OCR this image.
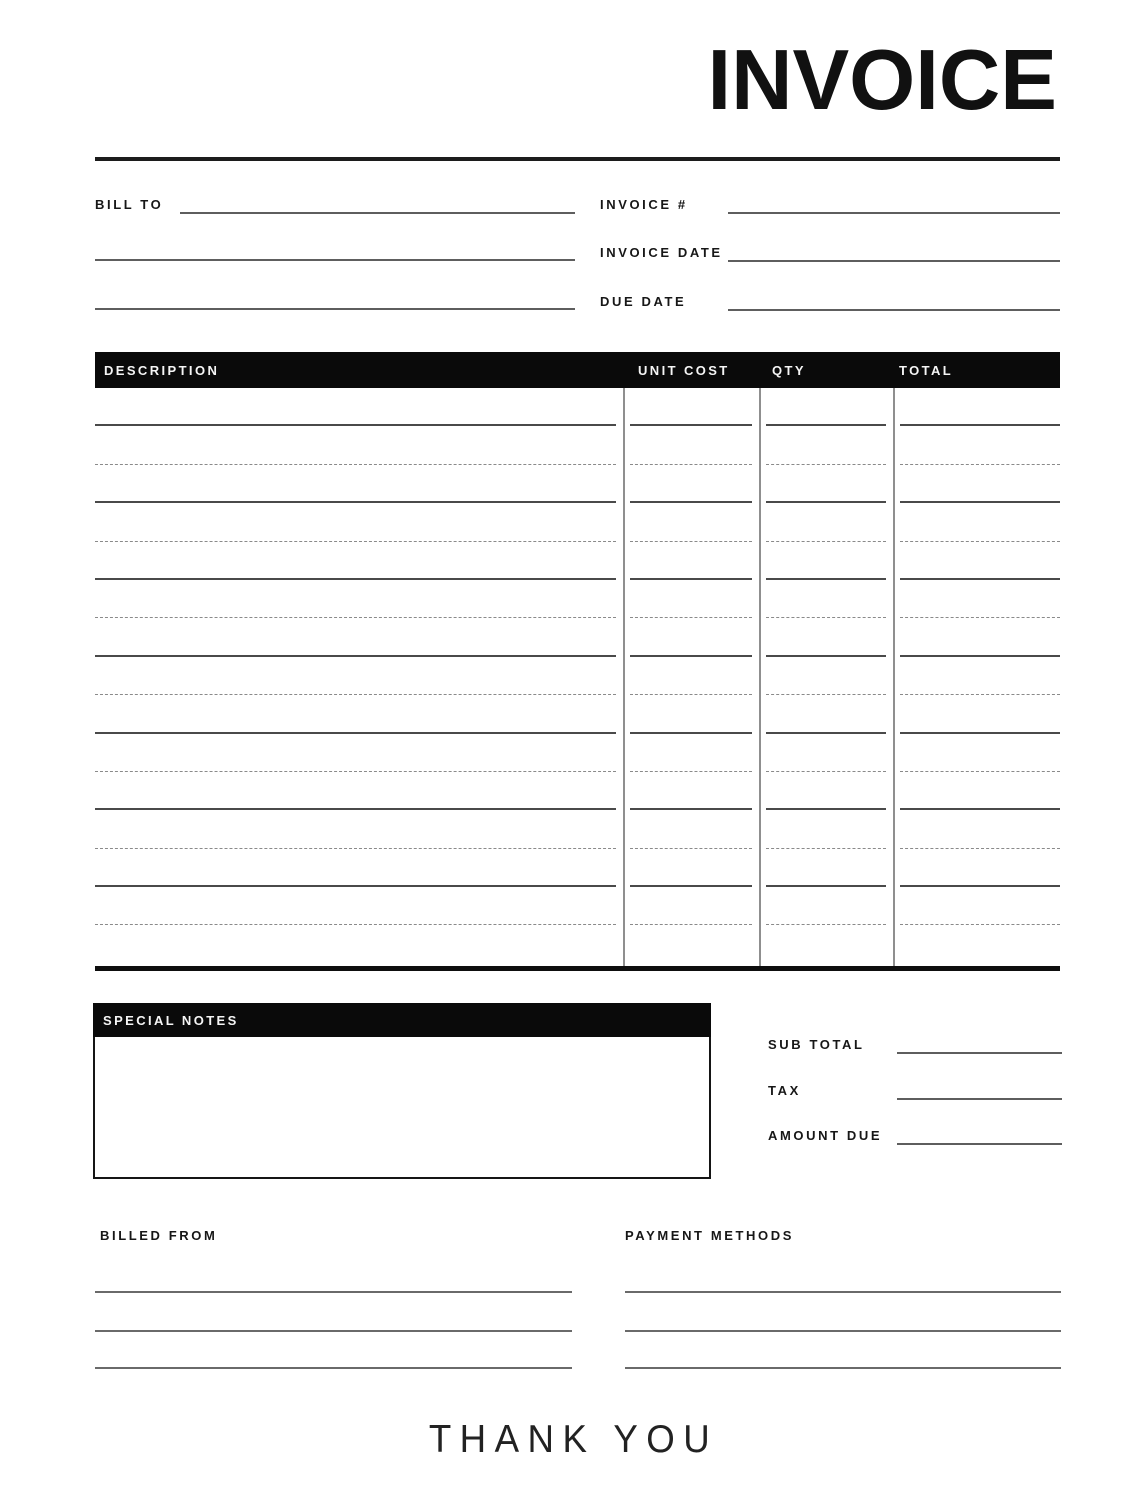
INVOICE
BILL TO	INVOICE #
INVOICE DATE
DUE DATE
DESCRIPTION	UNIT COST	QTY	TOTAL
SPECIAL NOTES
SUB TOTAL
TAX
AMOUNT DUE
BILLED FROM	PAYMENT METHODS
THANK YOU
